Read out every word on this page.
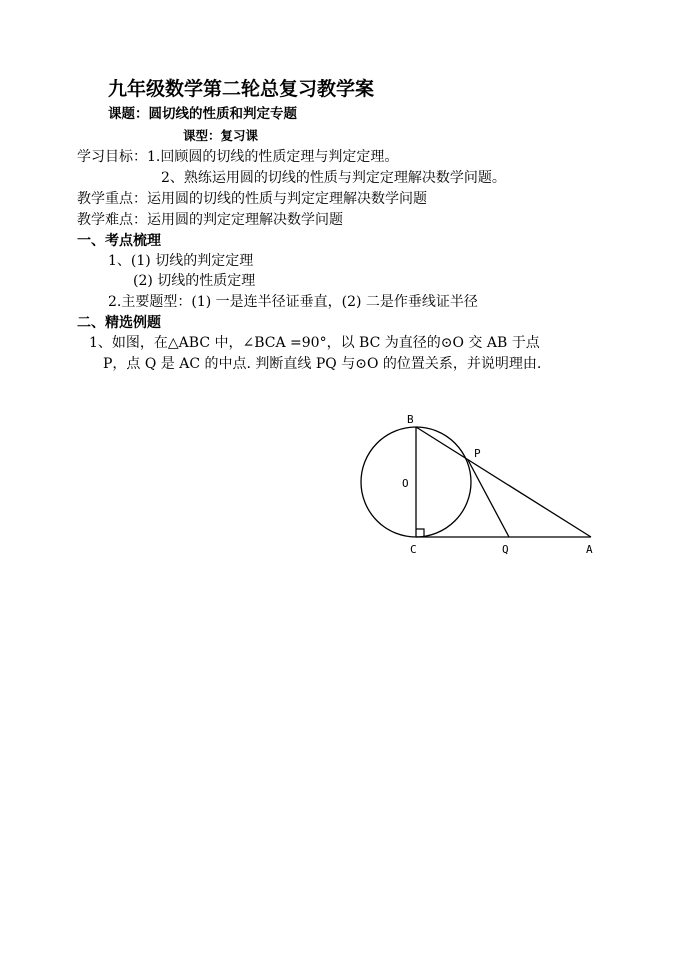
九年级数学第二轮总复习教学案
课题：圆切线的性质和判定专题
课型：复习课
学习目标：1.回顾圆的切线的性质定理与判定定理。
2、熟练运用圆的切线的性质与判定定理解决数学问题。
教学重点：运用圆的切线的性质与判定定理解决数学问题
教学难点：运用圆的判定定理解决数学问题
一、考点梳理
1、(1) 切线的判定定理
(2) 切线的性质定理
2.主要题型：(1) 一是连半径证垂直，(2) 二是作垂线证半径
二、精选例题
1、如图，在△ABC 中，∠BCA =90°，以 BC 为直径的⊙O 交 AB 于点
P，点 Q 是 AC 的中点. 判断直线 PQ 与⊙O 的位置关系，并说明理由.
B
P
O
C	Q	A
